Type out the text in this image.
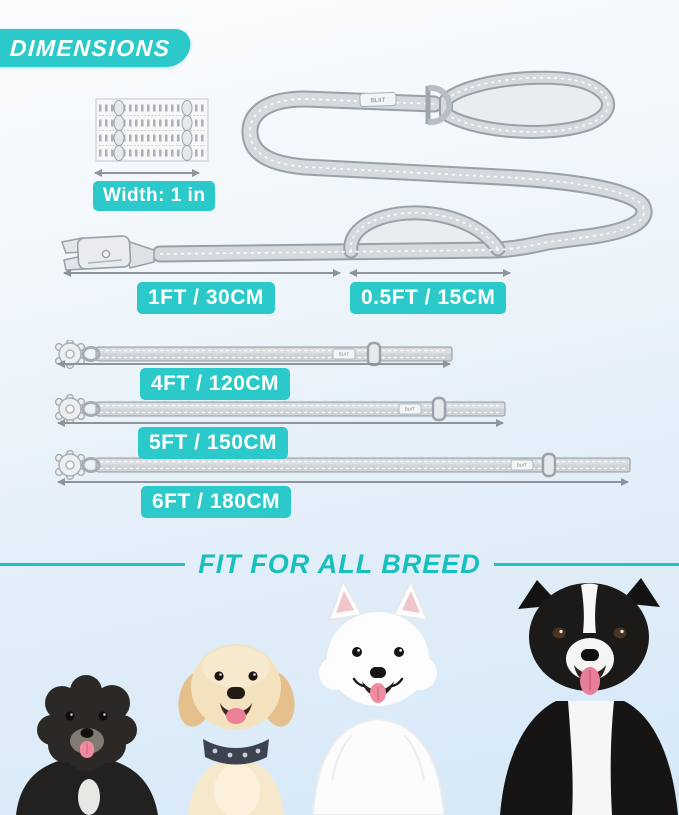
DIMENSIONS
Width: 1 in
BLIIT
1FT / 30CM	0.5FT / 15CM
BLIIT
BLIIT
BLIIT
4FT / 120CM
5FT / 150CM
6FT / 180CM
FIT FOR ALL BREED
